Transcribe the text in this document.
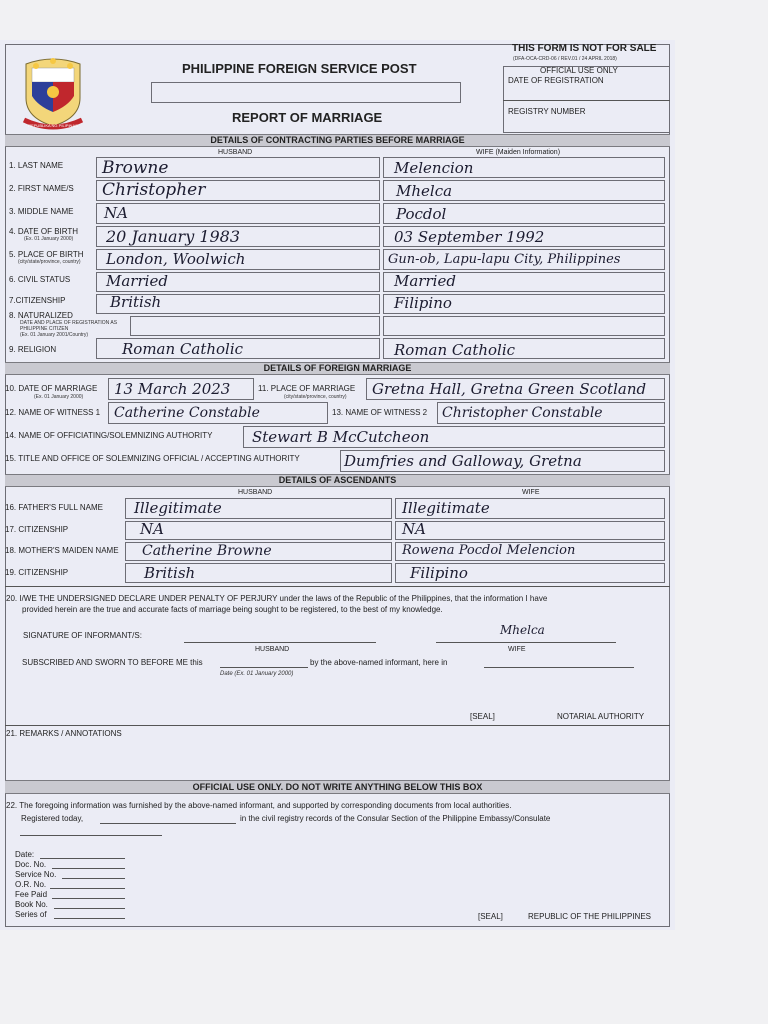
REPUBLIKA NG PILIPINAS
PHILIPPINE FOREIGN SERVICE POST
REPORT OF MARRIAGE
THIS FORM IS NOT FOR SALE
(DFA-OCA-CRD-06 / REV.01 / 24 APRIL 2018)
OFFICIAL USE ONLY
DATE OF REGISTRATION
REGISTRY NUMBER
DETAILS OF CONTRACTING PARTIES BEFORE MARRIAGE
HUSBAND	WIFE (Maiden Information)
1. LAST NAME Browne	Melencion
2. FIRST NAME/S Christopher	Mhelca
3. MIDDLE NAME NA	Pocdol
4. DATE OF BIRTH
(Ex. 01 January 2000) 20 January 1983	03 September 1992
5. PLACE OF BIRTH
(city/state/province, country) London, Woolwich	Gun-ob, Lapu-lapu City, Philippines
6. CIVIL STATUS Married	Married
7.CITIZENSHIP	British	Filipino
8. NATURALIZED
DATE AND PLACE OF REGISTRATION AS
PHILIPPINE CITIZEN
(Ex. 01 January 2001/Country)
9. RELIGION	Roman Catholic	Roman Catholic
DETAILS OF FOREIGN MARRIAGE
10. DATE OF MARRIAGE
(Ex. 01 January 2000) 13 March 2023	11. PLACE OF MARRIAGE
(city/state/province, country) Gretna Hall, Gretna Green Scotland
12. NAME OF WITNESS 1 Catherine Constable	13. NAME OF WITNESS 2 Christopher Constable
14. NAME OF OFFICIATING/SOLEMNIZING AUTHORITY	Stewart B McCutcheon
15. TITLE AND OFFICE OF SOLEMNIZING OFFICIAL / ACCEPTING AUTHORITY	Dumfries and Galloway, Gretna
DETAILS OF ASCENDANTS
HUSBAND	WIFE
16. FATHER'S FULL NAME Illegitimate	Illegitimate
17. CITIZENSHIP	NA	NA
18. MOTHER'S MAIDEN NAME Catherine Browne	Rowena Pocdol Melencion
19. CITIZENSHIP	British	Filipino
20. I/WE THE UNDERSIGNED DECLARE UNDER PENALTY OF PERJURY under the laws of the Republic of the Philippines, that the information I have
provided herein are the true and accurate facts of marriage being sought to be registered, to the best of my knowledge.
SIGNATURE OF INFORMANT/S:
HUSBAND
Mhelca
WIFE
SUBSCRIBED AND SWORN TO BEFORE ME this	by the above-named informant, here in
Date (Ex. 01 January 2000)
[SEAL]	NOTARIAL AUTHORITY
21. REMARKS / ANNOTATIONS
OFFICIAL USE ONLY. DO NOT WRITE ANYTHING BELOW THIS BOX
22. The foregoing information was furnished by the above-named informant, and supported by corresponding documents from local authorities.
Registered today,	in the civil registry records of the Consular Section of the Philippine Embassy/Consulate
Date:
Doc. No.
Service No.
O.R. No.
Fee Paid
Book No.
Series of	[SEAL]	REPUBLIC OF THE PHILIPPINES
